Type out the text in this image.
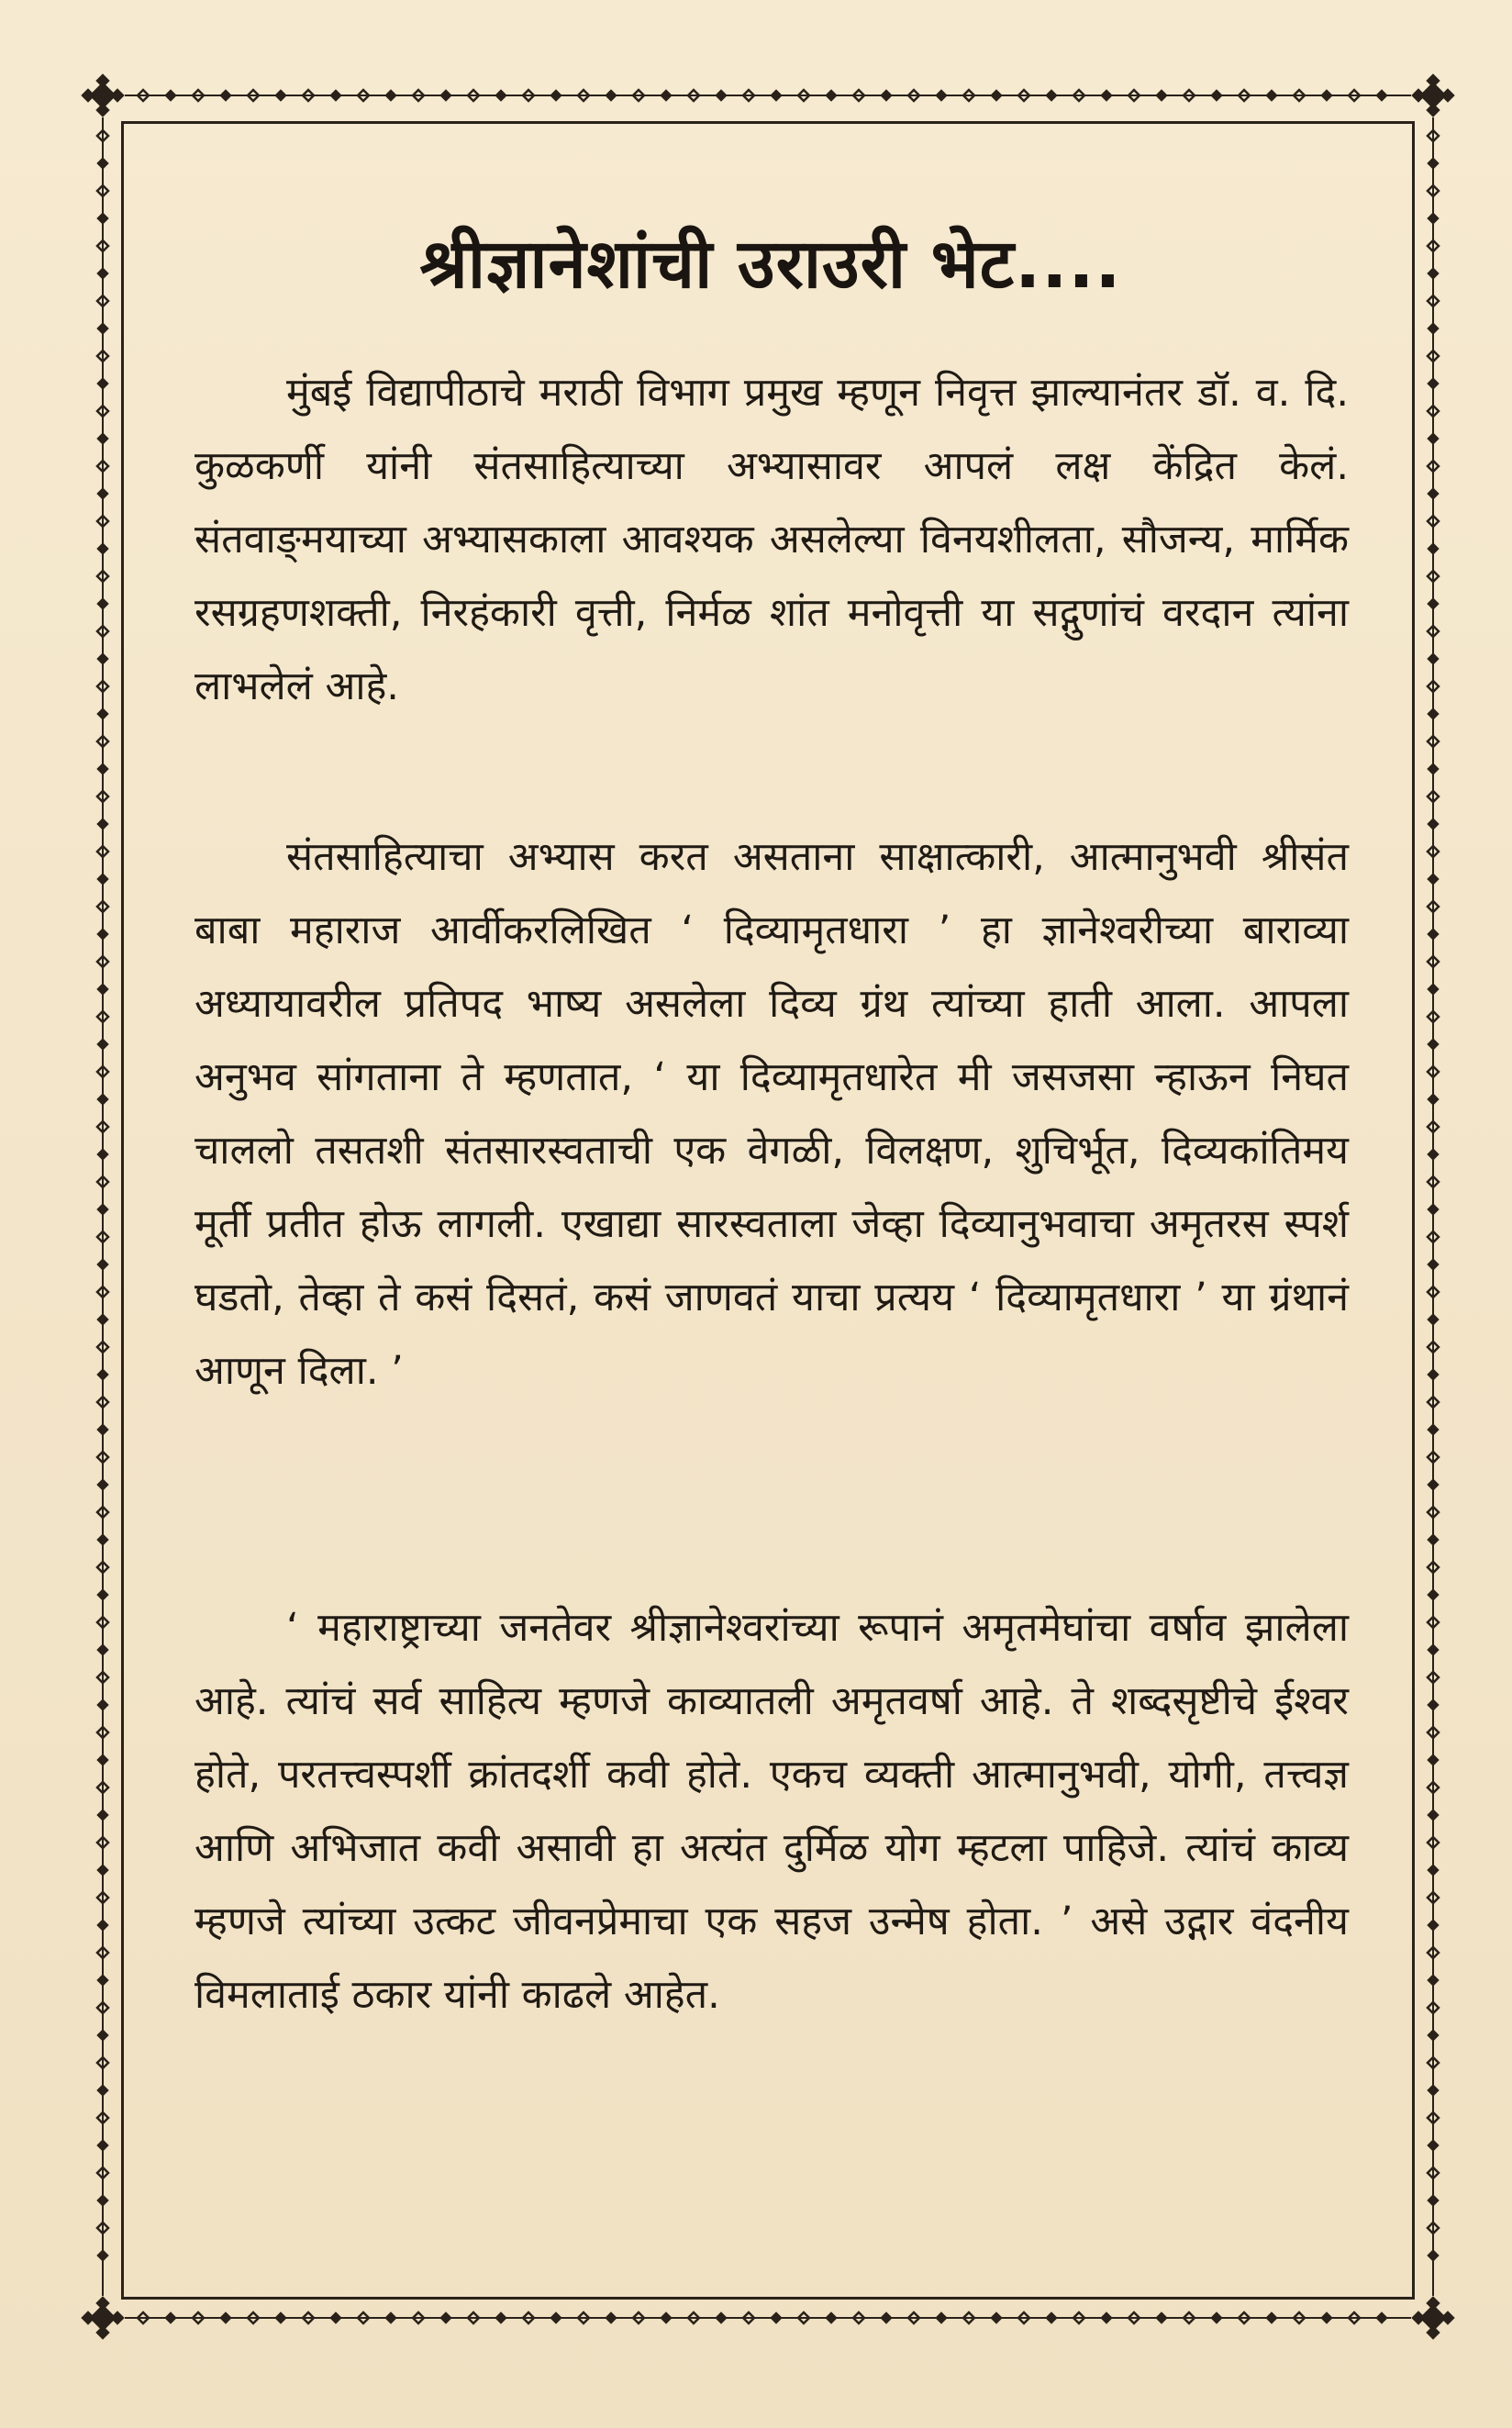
श्रीज्ञानेशांची उराउरी भेट....

मुंबई विद्यापीठाचे मराठी विभाग प्रमुख म्हणून निवृत्त झाल्यानंतर डॉ. व. दि. कुळकर्णी यांनी संतसाहित्याच्या अभ्यासावर आपलं लक्ष केंद्रित केलं. संतवाङ्‍मयाच्या अभ्यासकाला आवश्यक असलेल्या विनयशीलता, सौजन्य, मार्मिक रसग्रहणशक्ती, निरहंकारी वृत्ती, निर्मळ शांत मनोवृत्ती या सद्गुणांचं वरदान त्यांना लाभलेलं आहे.

संतसाहित्याचा अभ्यास करत असताना साक्षात्कारी, आत्मानुभवी श्रीसंत बाबा महाराज आर्वीकरलिखित ‘ दिव्यामृतधारा ’ हा ज्ञानेश्वरीच्या बाराव्या अध्यायावरील प्रतिपद भाष्य असलेला दिव्य ग्रंथ त्यांच्या हाती आला. आपला अनुभव सांगताना ते म्हणतात, ‘ या दिव्यामृतधारेत मी जसजसा न्हाऊन निघत चाललो तसतशी संतसारस्वताची एक वेगळी, विलक्षण, शुचिर्भूत, दिव्यकांतिमय मूर्ती प्रतीत होऊ लागली. एखाद्या सारस्वताला जेव्हा दिव्यानुभवाचा अमृतरस स्पर्श घडतो, तेव्हा ते कसं दिसतं, कसं जाणवतं याचा प्रत्यय ‘ दिव्यामृतधारा ’ या ग्रंथानं आणून दिला. ’

‘ महाराष्ट्राच्या जनतेवर श्रीज्ञानेश्वरांच्या रूपानं अमृतमेघांचा वर्षाव झालेला आहे. त्यांचं सर्व साहित्य म्हणजे काव्यातली अमृतवर्षा आहे. ते शब्दसृष्टीचे ईश्वर होते, परतत्त्वस्पर्शी क्रांतदर्शी कवी होते. एकच व्यक्ती आत्मानुभवी, योगी, तत्त्वज्ञ आणि अभिजात कवी असावी हा अत्यंत दुर्मिळ योग म्हटला पाहिजे. त्यांचं काव्य म्हणजे त्यांच्या उत्कट जीवनप्रेमाचा एक सहज उन्मेष होता. ’ असे उद्गार वंदनीय विमलाताई ठकार यांनी काढले आहेत.
